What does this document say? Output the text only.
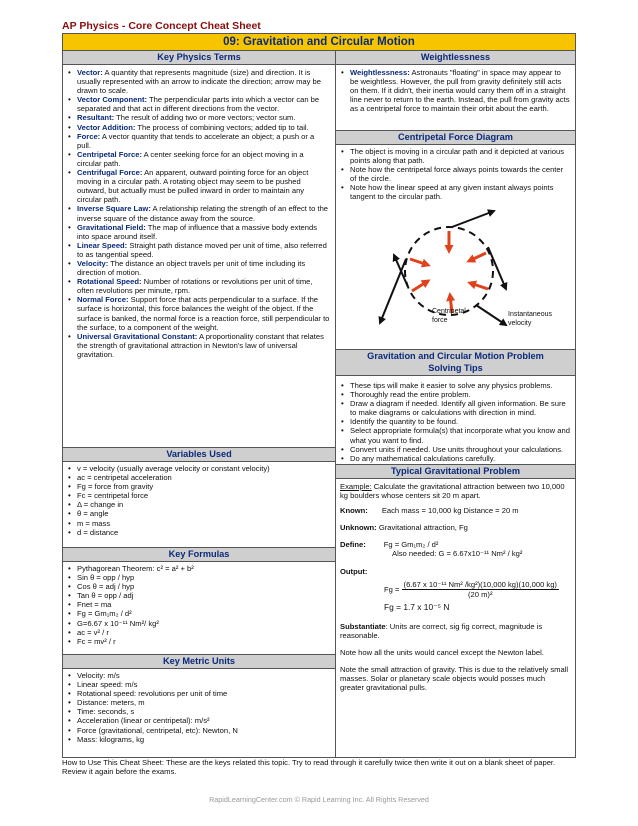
AP Physics - Core Concept Cheat Sheet
09: Gravitation and Circular Motion
Key Physics Terms
• Vector: A quantity that represents magnitude (size) and direction. It is usually represented with an arrow to indicate the direction; arrow may be drawn to scale.
• Vector Component: The perpendicular parts into which a vector can be separated and that act in different directions from the vector.
• Resultant: The result of adding two or more vectors; vector sum.
• Vector Addition: The process of combining vectors; added tip to tail.
• Force: A vector quantity that tends to accelerate an object; a push or a pull.
• Centripetal Force: A center seeking force for an object moving in a circular path.
• Centrifugal Force: An apparent, outward pointing force for an object moving in a circular path. A rotating object may seem to be pushed outward, but actually must be pulled inward in order to maintain any circular path.
• Inverse Square Law: A relationship relating the strength of an effect to the inverse square of the distance away from the source.
• Gravitational Field: The map of influence that a massive body extends into space around itself.
• Linear Speed: Straight path distance moved per unit of time, also referred to as tangential speed.
• Velocity: The distance an object travels per unit of time including its direction of motion.
• Rotational Speed: Number of rotations or revolutions per unit of time, often revolutions per minute, rpm.
• Normal Force: Support force that acts perpendicular to a surface. If the surface is horizontal, this force balances the weight of the object. If the surface is banked, the normal force is a reaction force, still perpendicular to the surface, to a component of the weight.
• Universal Gravitational Constant: A proportionality constant that relates the strength of gravitational attraction in Newton's law of universal gravitation.
Variables Used
• v = velocity (usually average velocity or constant velocity)
• ac = centripetal acceleration
• Fg = force from gravity
• Fc = centripetal force
• Δ = change in
• θ = angle
• m = mass
• d = distance
Key Formulas
• Pythagorean Theorem: c² = a² + b²
• Sin θ = opp / hyp
• Cos θ = adj / hyp
• Tan θ = opp / adj
• Fnet = ma
• Fg = Gm₁m₂ / d²
• G=6.67 x 10⁻¹¹ Nm²/ kg²
• ac = v² / r
• Fc = mv² / r
Key Metric Units
• Velocity: m/s
• Linear speed: m/s
• Rotational speed: revolutions per unit of time
• Distance: meters, m
• Time: seconds, s
• Acceleration (linear or centripetal): m/s²
• Force (gravitational, centripetal, etc): Newton, N
• Mass: kilograms, kg
Weightlessness
• Weightlessness: Astronauts "floating" in space may appear to be weightless. However, the pull from gravity definitely still acts on them. If it didn't, their inertia would carry them off in a straight line never to return to the earth. Instead, the pull from gravity acts as a centripetal force to maintain their orbit about the earth.
Centripetal Force Diagram
• The object is moving in a circular path and it depicted at various points along that path.
• Note how the centripetal force always points towards the center of the circle.
• Note how the linear speed at any given instant always points tangent to the circular path.
Centripetal
force
Instantaneous
velocity
Gravitation and Circular Motion Problem
Solving Tips
• These tips will make it easier to solve any physics problems.
• Thoroughly read the entire problem.
• Draw a diagram if needed. Identify all given information. Be sure to make diagrams or calculations with direction in mind.
• Identify the quantity to be found.
• Select appropriate formula(s) that incorporate what you know and what you want to find.
• Convert units if needed. Use units throughout your calculations.
• Do any mathematical calculations carefully.
Typical Gravitational Problem
Example: Calculate the gravitational attraction between two 10,000 kg boulders whose centers sit 20 m apart.
Known: Each mass = 10,000 kg Distance = 20 m
Unknown: Gravitational attraction, Fg
Define: Fg = Gm₁m₂ / d²
Also needed: G = 6.67x10⁻¹¹ Nm² / kg²
Output:
$Fg = \frac{\text{(6.67 x 10⁻¹¹ Nm² /kg²)(10,000 kg)(10,000 kg)}}{\text{(20 m)²}}$
Fg = 1.7 x 10⁻⁵ N
Substantiate: Units are correct, sig fig correct, magnitude is reasonable.
Note how all the units would cancel except the Newton label.
Note the small attraction of gravity. This is due to the relatively small masses. Solar or planetary scale objects would posses much greater gravitational pulls.
How to Use This Cheat Sheet: These are the keys related this topic. Try to read through it carefully twice then write it out on a blank sheet of paper. Review it again before the exams.
RapidLearningCenter.com © Rapid Learning Inc. All Rights Reserved
